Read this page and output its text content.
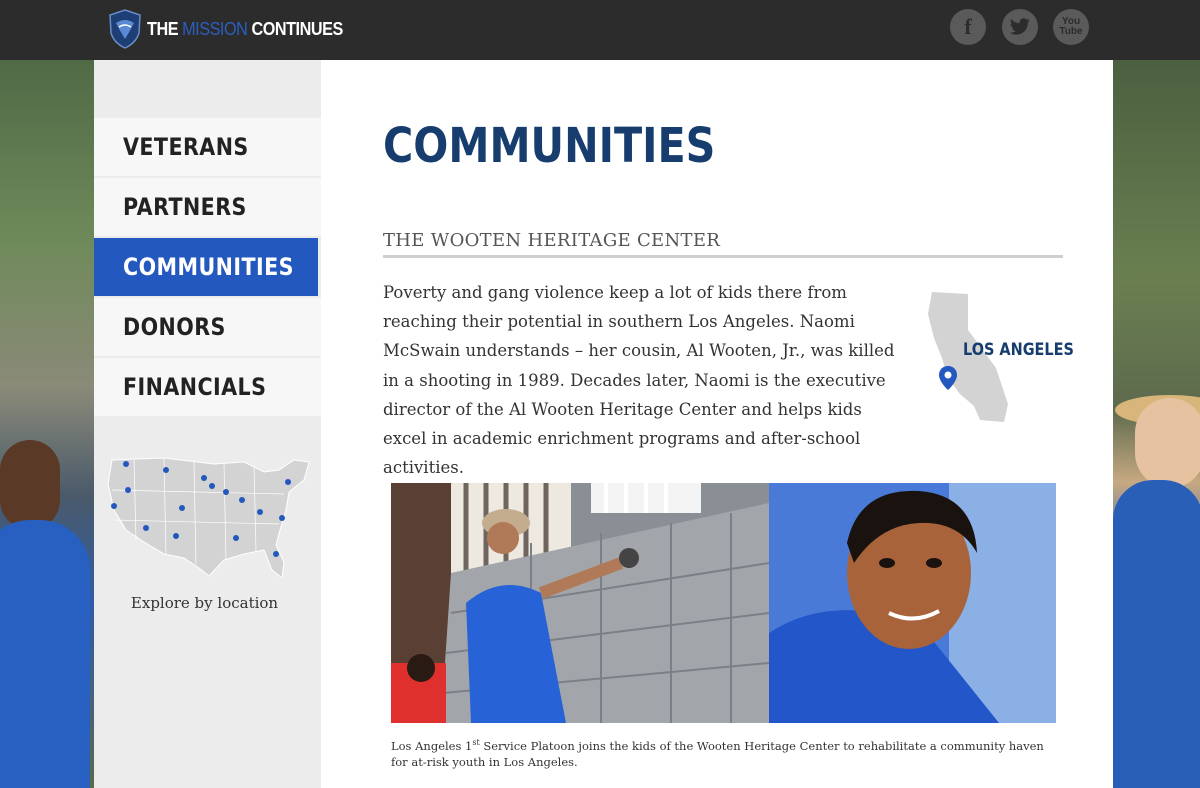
THE MISSION CONTINUES	f	You
Tube
VETERANS
PARTNERS
COMMUNITIES
DONORS
FINANCIALS
Explore by location
COMMUNITIES
THE WOOTEN HERITAGE CENTER
Poverty and gang violence keep a lot of kids there from reaching their potential in southern Los Angeles. Naomi McSwain understands – her cousin, Al Wooten, Jr., was killed in a shooting in 1989. Decades later, Naomi is the executive director of the Al Wooten Heritage Center and helps kids excel in academic enrichment programs and after-school activities.
LOS ANGELES
Los Angeles 1st Service Platoon joins the kids of the Wooten Heritage Center to rehabilitate a community haven for at-risk youth in Los Angeles.
